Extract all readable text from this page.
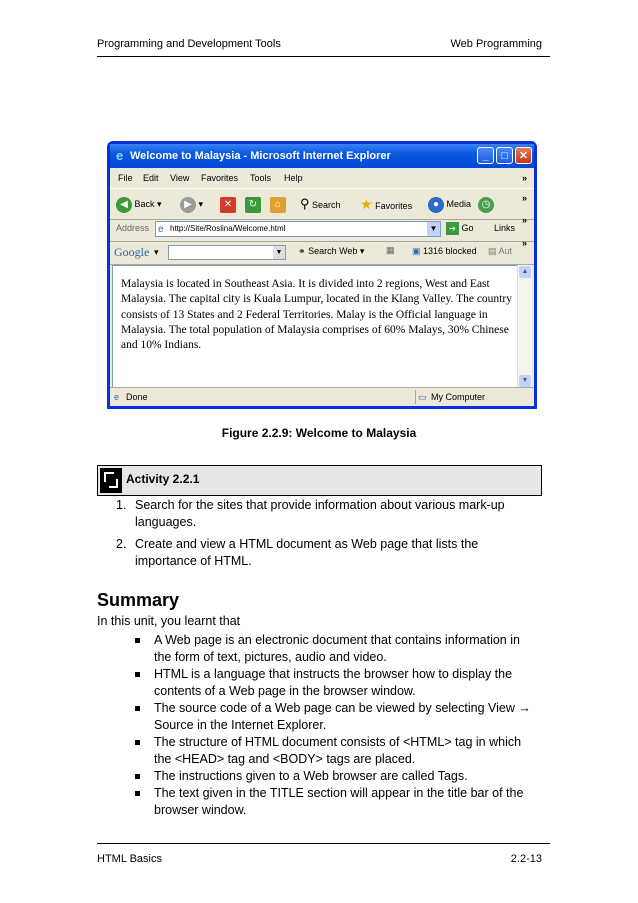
Programming and Development Tools	Web Programming
e Welcome to Malaysia - Microsoft Internet Explorer	_	□	✕
File Edit View Favorites Tools Help	»
◀ Back ▾	▶ ▾	✕	↻	⌂	⚲ Search ★ Favorites	● Media	◷
»
Address e http://Site/Roslina/Welcome.html	▼	➔ Go Links
»
Google ▾	▼ ⚭ Search Web ▾ ▦ ▣ 1316 blocked ▤ Aut
»

Malaysia is located in Southeast Asia. It is divided into 2 regions, West and East Malaysia. The capital city is Kuala Lumpur, located in the Klang Valley. The country consists of 13 States and 2 Federal Territories. Malay is the Official language in Malaysia. The total population of Malaysia comprises of 60% Malays, 30% Chinese and 10% Indians.

▲
▼
e Done	▭ My Computer
Figure 2.2.9: Welcome to Malaysia
Activity 2.2.1
1. Search for the sites that provide information about various mark-up languages.
2. Create and view a HTML document as Web page that lists the importance of HTML.
Summary
In this unit, you learnt that
A Web page is an electronic document that contains information in the form of text, pictures, audio and video.
HTML is a language that instructs the browser how to display the contents of a Web page in the browser window.
The source code of a Web page can be viewed by selecting View → Source in the Internet Explorer.
The structure of HTML document consists of <HTML> tag in which the <HEAD> tag and <BODY> tags are placed.
The instructions given to a Web browser are called Tags.
The text given in the TITLE section will appear in the title bar of the browser window.
HTML Basics	2.2-13
